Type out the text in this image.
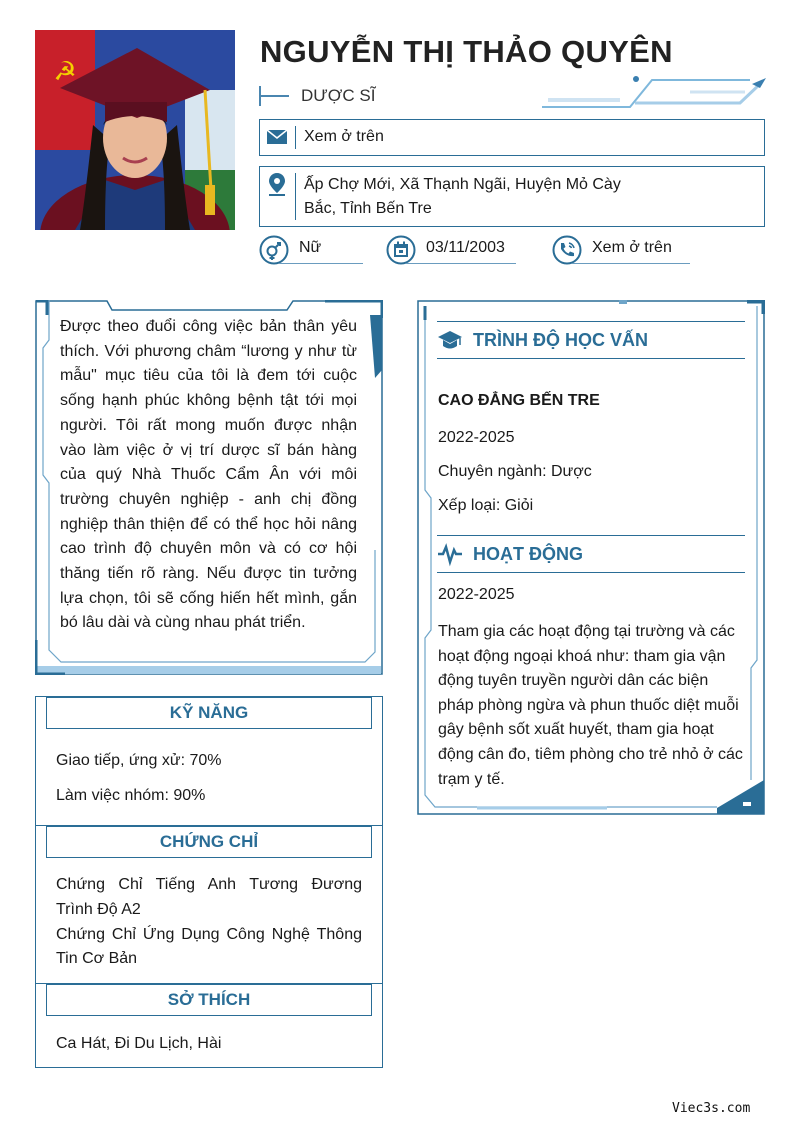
☭
NGUYỄN THỊ THẢO QUYÊN
DƯỢC SĨ
Xem ở trên
Ấp Chợ Mới, Xã Thạnh Ngãi, Huyện Mỏ Cày
Bắc, Tỉnh Bến Tre
Nữ	03/11/2003	Xem ở trên
Được theo đuổi công việc bản thân yêu thích. Với phương châm “lương y như từ mẫu" mục tiêu của tôi là đem tới cuộc sống hạnh phúc không bệnh tật tới mọi người. Tôi rất mong muốn được nhận vào làm việc ở vị trí dược sĩ bán hàng của quý Nhà Thuốc Cẩm Ân với môi trường chuyên nghiệp - anh chị đồng nghiệp thân thiện để có thể học hỏi nâng cao trình độ chuyên môn và có cơ hội thăng tiến rõ ràng. Nếu được tin tưởng lựa chọn, tôi sẽ cống hiến hết mình, gắn bó lâu dài và cùng nhau phát triển.
KỸ NĂNG
Giao tiếp, ứng xử: 70%
Làm việc nhóm: 90%
CHỨNG CHỈ
Chứng Chỉ Tiếng Anh Tương Đương
Trình Độ A2
Chứng Chỉ Ứng Dụng Công Nghệ Thông
Tin Cơ Bản
SỞ THÍCH
Ca Hát, Đi Du Lịch, Hài
TRÌNH ĐỘ HỌC VẤN
CAO ĐẲNG BẾN TRE
2022-2025
Chuyên ngành: Dược
Xếp loại: Giỏi
HOẠT ĐỘNG
2022-2025
Tham gia các hoạt động tại trường và các hoạt động ngoại khoá như: tham gia vận động tuyên truyền người dân các biện pháp phòng ngừa và phun thuốc diệt muỗi gây bệnh sốt xuất huyết, tham gia hoạt động cân đo, tiêm phòng cho trẻ nhỏ ở các trạm y tế.
Viec3s.com
